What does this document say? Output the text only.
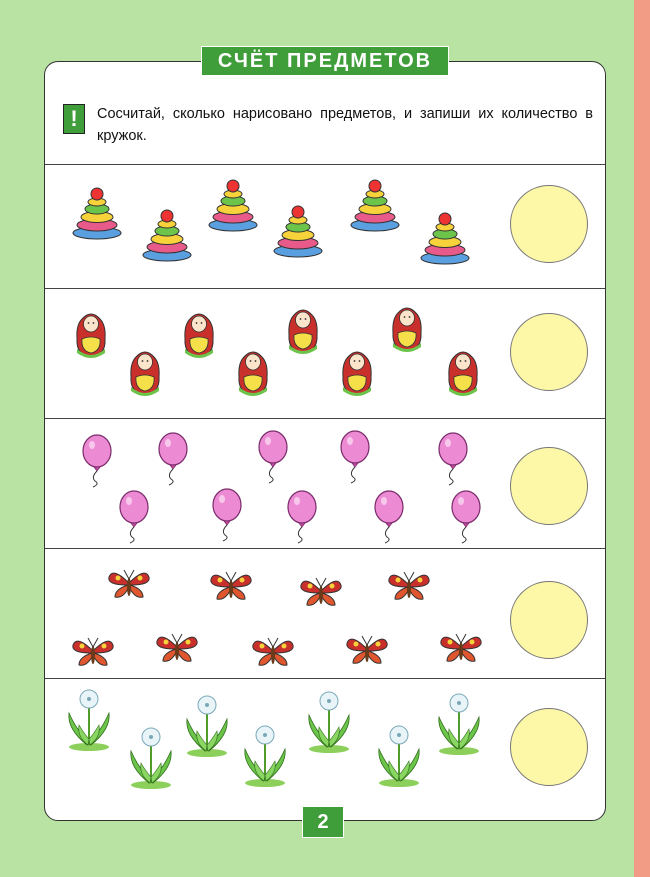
СЧЁТ ПРЕДМЕТОВ
!	Сосчитай, сколько нарисовано предметов, и запиши их количество в кружок.

2
